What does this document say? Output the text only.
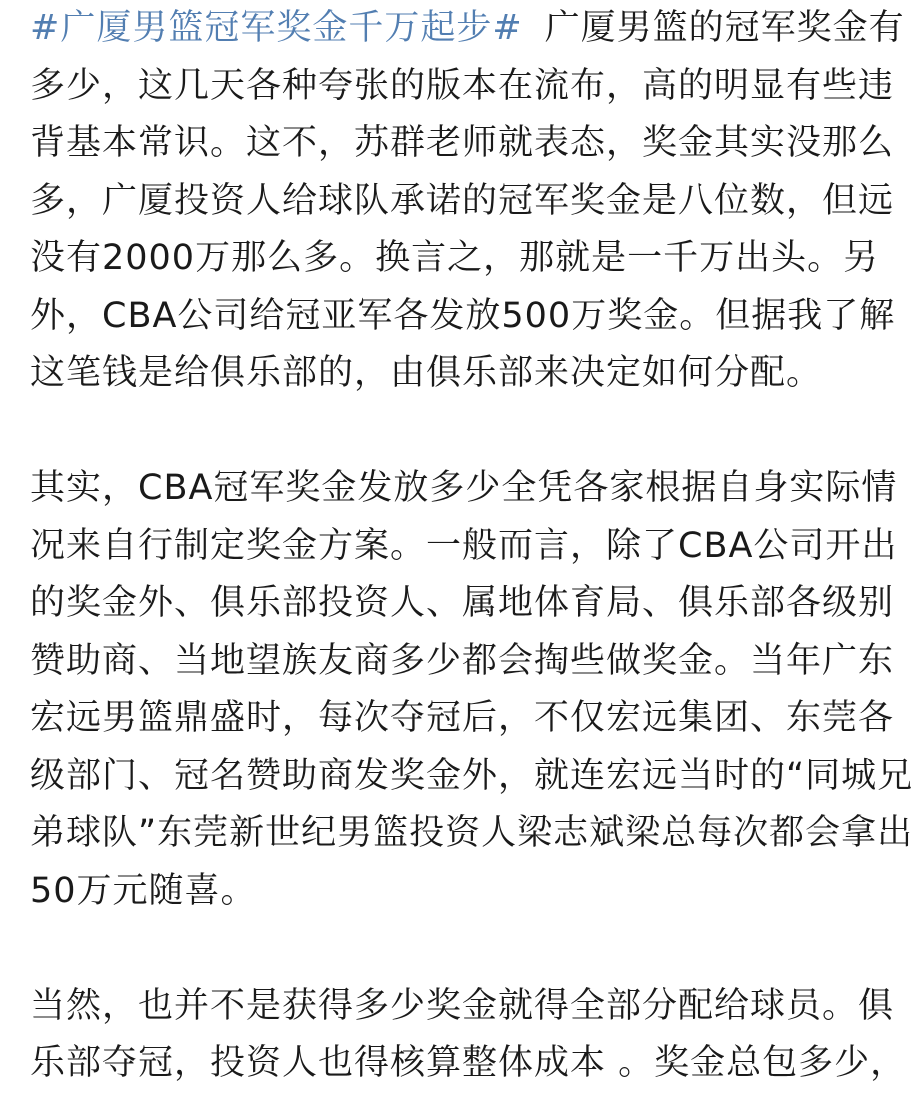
#广厦男篮冠军奖金千万起步# 广厦男篮的冠军奖金有
多少，这几天各种夸张的版本在流布，高的明显有些违
背基本常识。这不，苏群老师就表态，奖金其实没那么
多，广厦投资人给球队承诺的冠军奖金是八位数，但远
没有2000万那么多。换言之，那就是一千万出头。另
外，CBA公司给冠亚军各发放500万奖金。但据我了解
这笔钱是给俱乐部的，由俱乐部来决定如何分配。
其实，CBA冠军奖金发放多少全凭各家根据自身实际情
况来自行制定奖金方案。一般而言，除了CBA公司开出
的奖金外、俱乐部投资人、属地体育局、俱乐部各级别
赞助商、当地望族友商多少都会掏些做奖金。当年广东
宏远男篮鼎盛时，每次夺冠后，不仅宏远集团、东莞各
级部门、冠名赞助商发奖金外，就连宏远当时的“同城兄
弟球队”东莞新世纪男篮投资人梁志斌梁总每次都会拿出
50万元随喜。
当然，也并不是获得多少奖金就得全部分配给球员。俱
乐部夺冠，投资人也得核算整体成本 。奖金总包多少，
